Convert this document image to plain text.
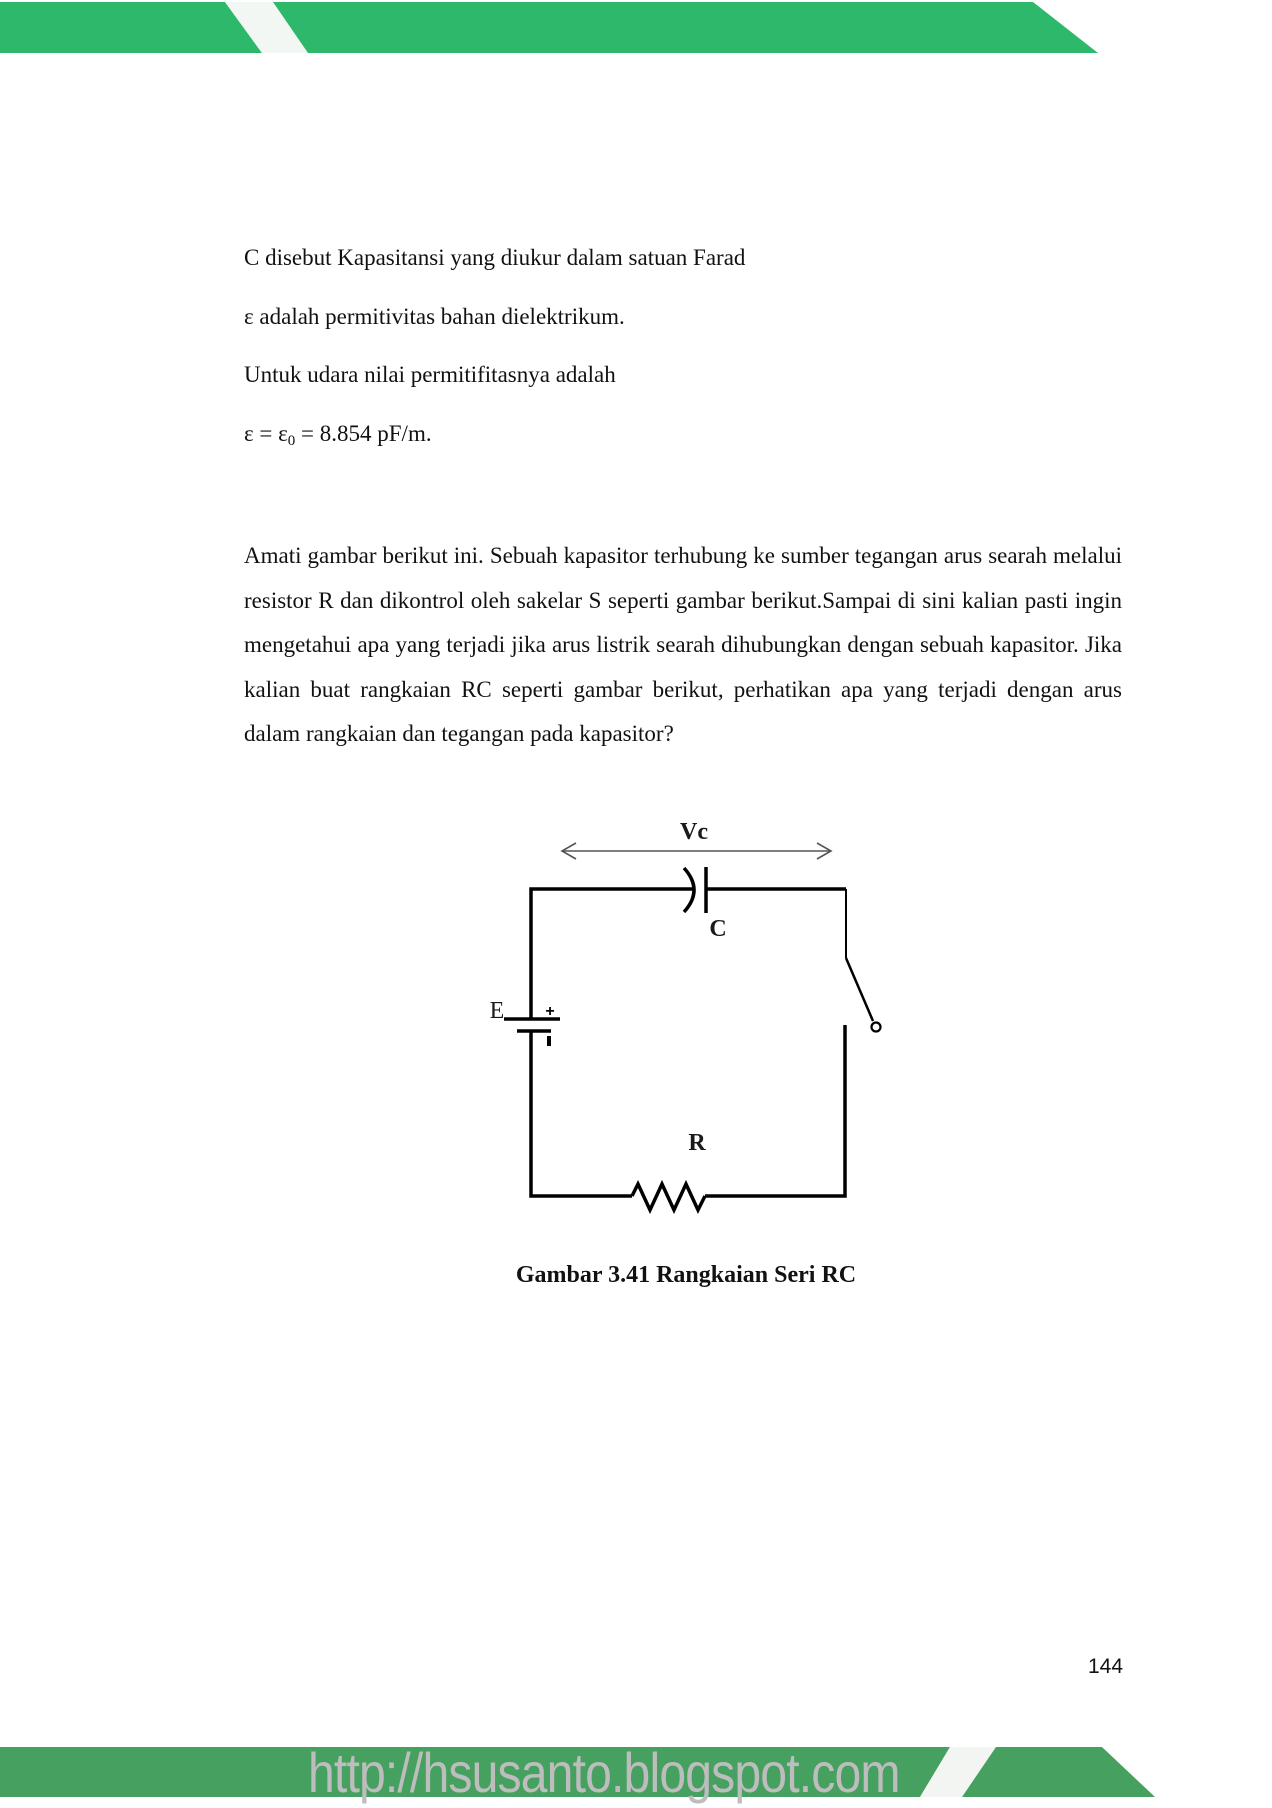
C disebut Kapasitansi yang diukur dalam satuan Farad
ε adalah permitivitas bahan dielektrikum.
Untuk udara nilai permitifitasnya adalah
$\varepsilon = \varepsilon_0 = 8.854$ pF/m.
Amati gambar berikut ini. Sebuah kapasitor terhubung ke sumber tegangan arus searah melalui resistor R dan dikontrol oleh sakelar S seperti gambar berikut.Sampai di sini kalian pasti ingin mengetahui apa yang terjadi jika arus listrik searah dihubungkan dengan sebuah kapasitor. Jika kalian buat rangkaian RC seperti gambar berikut, perhatikan apa yang terjadi dengan arus dalam rangkaian dan tegangan pada kapasitor?
Vc
C
E	+
R
Gambar 3.41 Rangkaian Seri RC
144
http://hsusanto.blogspot.com
